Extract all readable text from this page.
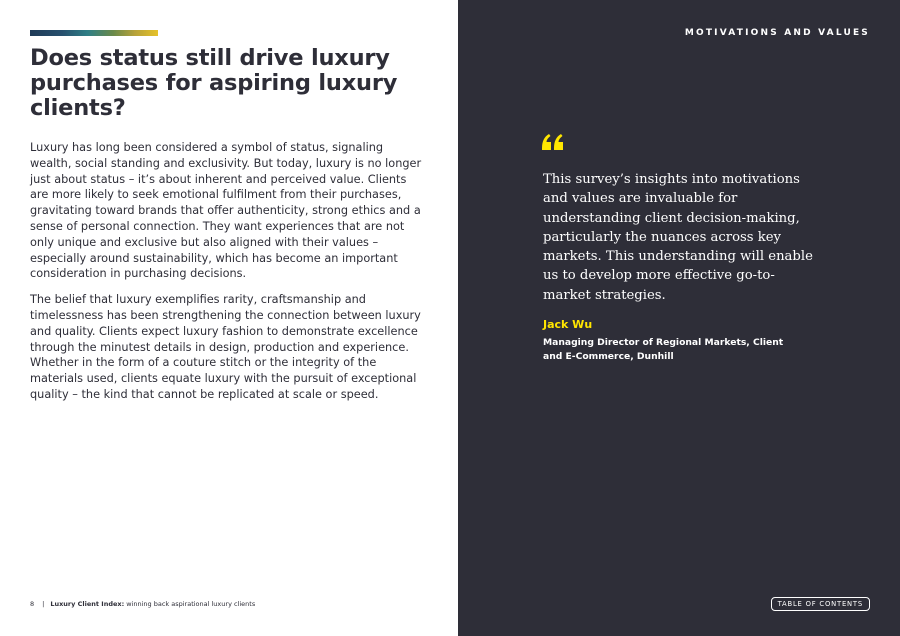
Does status still drive luxury purchases for aspiring luxury clients?

Luxury has long been considered a symbol of status, signaling wealth, social standing and exclusivity. But today, luxury is no longer just about status – it’s about inherent and perceived value. Clients are more likely to seek emotional fulfilment from their purchases, gravitating toward brands that offer authenticity, strong ethics and a sense of personal connection. They want experiences that are not only unique and exclusive but also aligned with their values – especially around sustainability, which has become an important consideration in purchasing decisions.

The belief that luxury exemplifies rarity, craftsmanship and timelessness has been strengthening the connection between luxury and quality. Clients expect luxury fashion to demonstrate excellence through the minutest details in design, production and experience. Whether in the form of a couture stitch or the integrity of the materials used, clients equate luxury with the pursuit of exceptional quality – the kind that cannot be replicated at scale or speed.

8 | Luxury Client Index: winning back aspirational luxury clients
MOTIVATIONS AND VALUES

This survey’s insights into motivations and values are invaluable for understanding client decision-making, particularly the nuances across key markets. This understanding will enable us to develop more effective go-to-market strategies.

Jack Wu
Managing Director of Regional Markets, Client and E-Commerce, Dunhill
TABLE OF CONTENTS
